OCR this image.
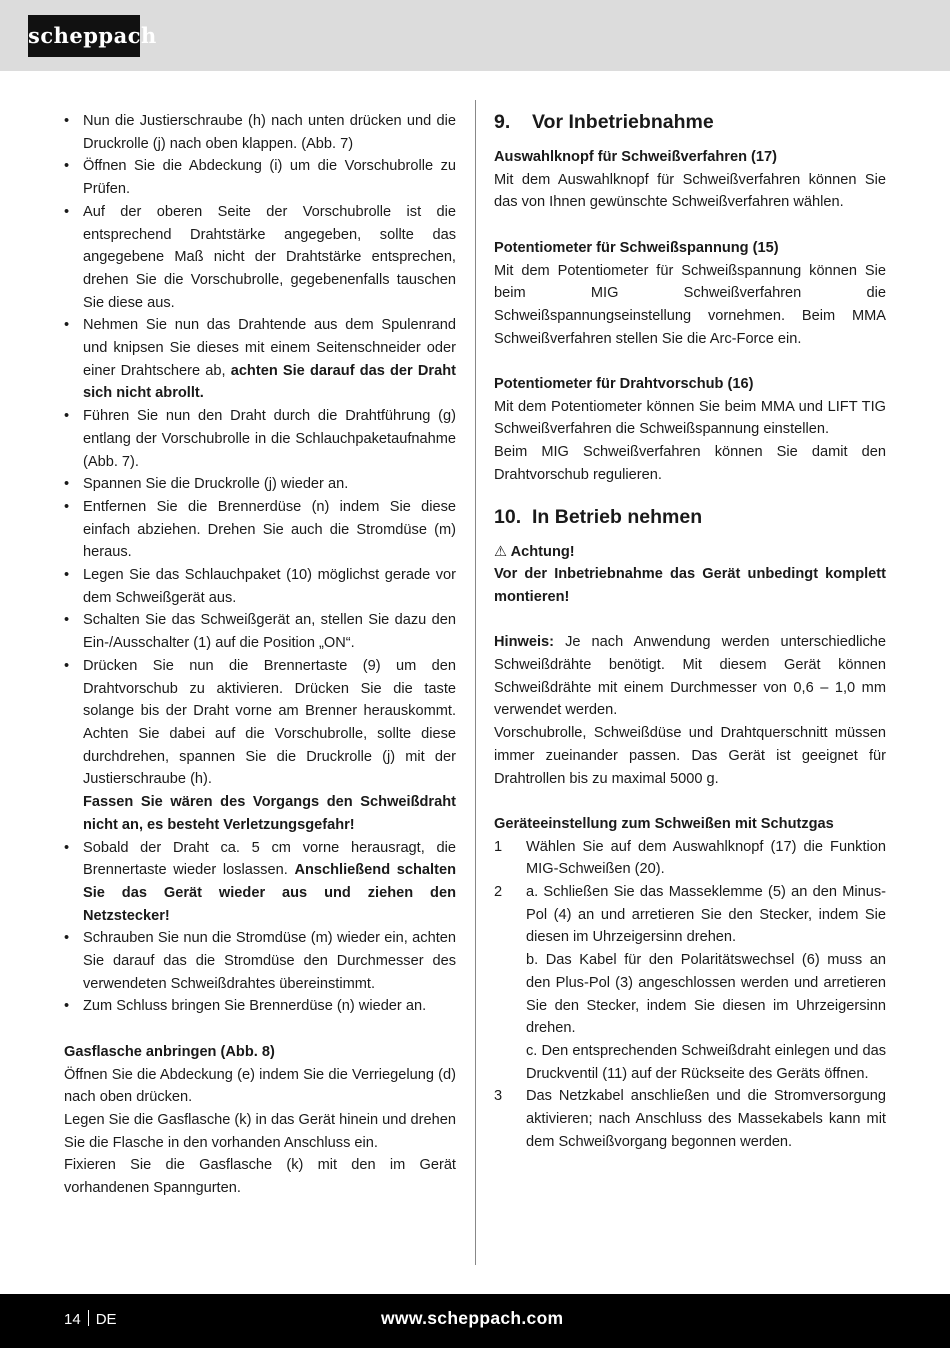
scheppach
• Nun die Justierschraube (h) nach unten drücken und die Druckrolle (j) nach oben klappen. (Abb. 7)
• Öffnen Sie die Abdeckung (i) um die Vorschubrolle zu Prüfen.
• Auf der oberen Seite der Vorschubrolle ist die entsprechend Drahtstärke angegeben, sollte das angegebene Maß nicht der Drahtstärke entsprechen, drehen Sie die Vorschubrolle, gegebenenfalls tauschen Sie diese aus.
• Nehmen Sie nun das Drahtende aus dem Spulenrand und knipsen Sie dieses mit einem Seitenschneider oder einer Drahtschere ab, achten Sie darauf das der Draht sich nicht abrollt.
• Führen Sie nun den Draht durch die Drahtführung (g) entlang der Vorschubrolle in die Schlauchpaketaufnahme (Abb. 7).
• Spannen Sie die Druckrolle (j) wieder an.
• Entfernen Sie die Brennerdüse (n) indem Sie diese einfach abziehen. Drehen Sie auch die Stromdüse (m) heraus.
• Legen Sie das Schlauchpaket (10) möglichst gerade vor dem Schweißgerät aus.
• Schalten Sie das Schweißgerät an, stellen Sie dazu den Ein-/Ausschalter (1) auf die Position „ON“.
• Drücken Sie nun die Brennertaste (9) um den Drahtvorschub zu aktivieren. Drücken Sie die taste solange bis der Draht vorne am Brenner herauskommt. Achten Sie dabei auf die Vorschubrolle, sollte diese durchdrehen, spannen Sie die Druckrolle (j) mit der Justierschraube (h).
Fassen Sie wären des Vorgangs den Schweißdraht nicht an, es besteht Verletzungsgefahr!
• Sobald der Draht ca. 5 cm vorne herausragt, die Brennertaste wieder loslassen. Anschließend schalten Sie das Gerät wieder aus und ziehen den Netzstecker!
• Schrauben Sie nun die Stromdüse (m) wieder ein, achten Sie darauf das die Stromdüse den Durchmesser des verwendeten Schweißdrahtes übereinstimmt.
• Zum Schluss bringen Sie Brennerdüse (n) wieder an.
Gasflasche anbringen (Abb. 8)
Öffnen Sie die Abdeckung (e) indem Sie die Verriegelung (d) nach oben drücken.
Legen Sie die Gasflasche (k) in das Gerät hinein und drehen Sie die Flasche in den vorhanden Anschluss ein.
Fixieren Sie die Gasflasche (k) mit den im Gerät vorhandenen Spanngurten.
9.	Vor Inbetriebnahme
Auswahlknopf für Schweißverfahren (17)
Mit dem Auswahlknopf für Schweißverfahren können Sie das von Ihnen gewünschte Schweißverfahren wählen.
Potentiometer für Schweißspannung (15)
Mit dem Potentiometer für Schweißspannung können Sie beim MIG Schweißverfahren die Schweißspannungseinstellung vornehmen. Beim MMA Schweißverfahren stellen Sie die Arc-Force ein.
Potentiometer für Drahtvorschub (16)
Mit dem Potentiometer können Sie beim MMA und LIFT TIG Schweißverfahren die Schweißspannung einstellen.
Beim MIG Schweißverfahren können Sie damit den Drahtvorschub regulieren.
10. In Betrieb nehmen
⚠ Achtung!
Vor der Inbetriebnahme das Gerät unbedingt komplett montieren!
Hinweis: Je nach Anwendung werden unterschiedliche Schweißdrähte benötigt. Mit diesem Gerät können Schweißdrähte mit einem Durchmesser von 0,6 – 1,0 mm verwendet werden.
Vorschubrolle, Schweißdüse und Drahtquerschnitt müssen immer zueinander passen. Das Gerät ist geeignet für Drahtrollen bis zu maximal 5000 g.
Geräteeinstellung zum Schweißen mit Schutzgas
1 Wählen Sie auf dem Auswahlknopf (17) die Funktion MIG-Schweißen (20).
2 a. Schließen Sie das Masseklemme (5) an den Minus-Pol (4) an und arretieren Sie den Stecker, indem Sie diesen im Uhrzeigersinn drehen.
b. Das Kabel für den Polaritätswechsel (6) muss an den Plus-Pol (3) angeschlossen werden und arretieren Sie den Stecker, indem Sie diesen im Uhrzeigersinn drehen.
c. Den entsprechenden Schweißdraht einlegen und das Druckventil (11) auf der Rückseite des Geräts öffnen.
3 Das Netzkabel anschließen und die Stromversorgung aktivieren; nach Anschluss des Massekabels kann mit dem Schweißvorgang begonnen werden.
14 DE	www.scheppach.com
